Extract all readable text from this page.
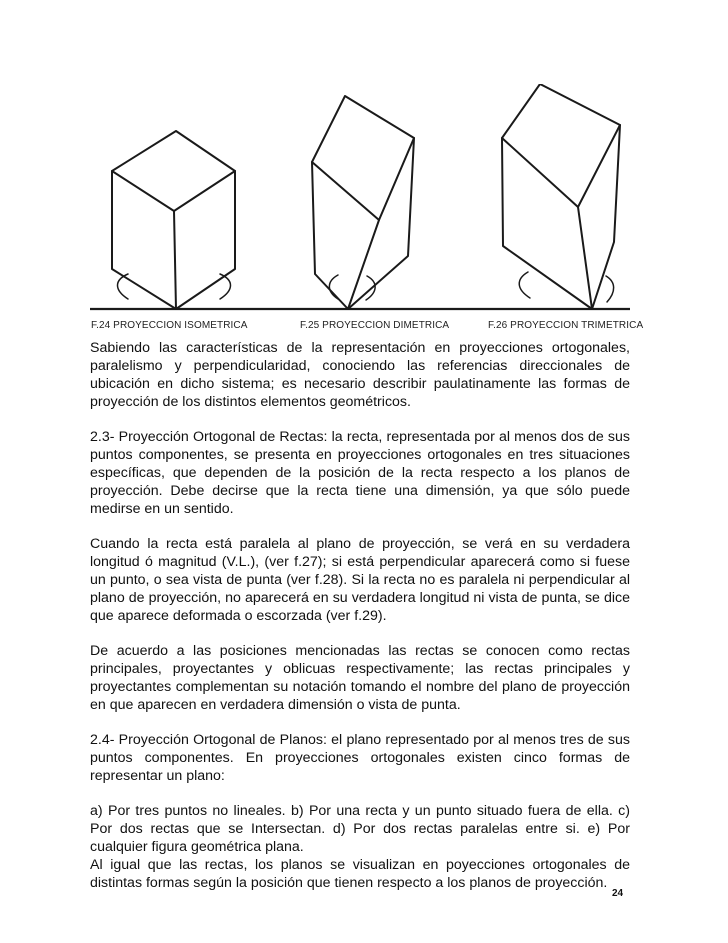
F.24 PROYECCION ISOMETRICA	F.25 PROYECCION DIMETRICA	F.26 PROYECCION TRIMETRICA

Sabiendo las características de la representación en proyecciones ortogonales, paralelismo y perpendicularidad, conociendo las referencias direccionales de ubicación en dicho sistema; es necesario describir paulatinamente las formas de proyección de los distintos elementos geométricos.

2.3- Proyección Ortogonal de Rectas: la recta, representada por al menos dos de sus puntos componentes, se presenta en proyecciones ortogonales en tres situaciones específicas, que dependen de la posición de la recta respecto a los planos de proyección. Debe decirse que la recta tiene una dimensión, ya que sólo puede medirse en un sentido.

Cuando la recta está paralela al plano de proyección, se verá en su verdadera longitud ó magnitud (V.L.), (ver f.27); si está perpendicular aparecerá como si fuese un punto, o sea vista de punta (ver f.28). Si la recta no es paralela ni perpendicular al plano de proyección, no aparecerá en su verdadera longitud ni vista de punta, se dice que aparece deformada o escorzada (ver f.29).

De acuerdo a las posiciones mencionadas las rectas se conocen como rectas principales, proyectantes y oblicuas respectivamente; las rectas principales y proyectantes complementan su notación tomando el nombre del plano de proyección en que aparecen en verdadera dimensión o vista de punta.

2.4- Proyección Ortogonal de Planos: el plano representado por al menos tres de sus puntos componentes. En proyecciones ortogonales existen cinco formas de representar un plano:

a) Por tres puntos no lineales. b) Por una recta y un punto situado fuera de ella. c) Por dos rectas que se Intersectan. d) Por dos rectas paralelas entre si. e) Por cualquier figura geométrica plana.

Al igual que las rectas, los planos se visualizan en poyecciones ortogonales de distintas formas según la posición que tienen respecto a los planos de proyección.

24
